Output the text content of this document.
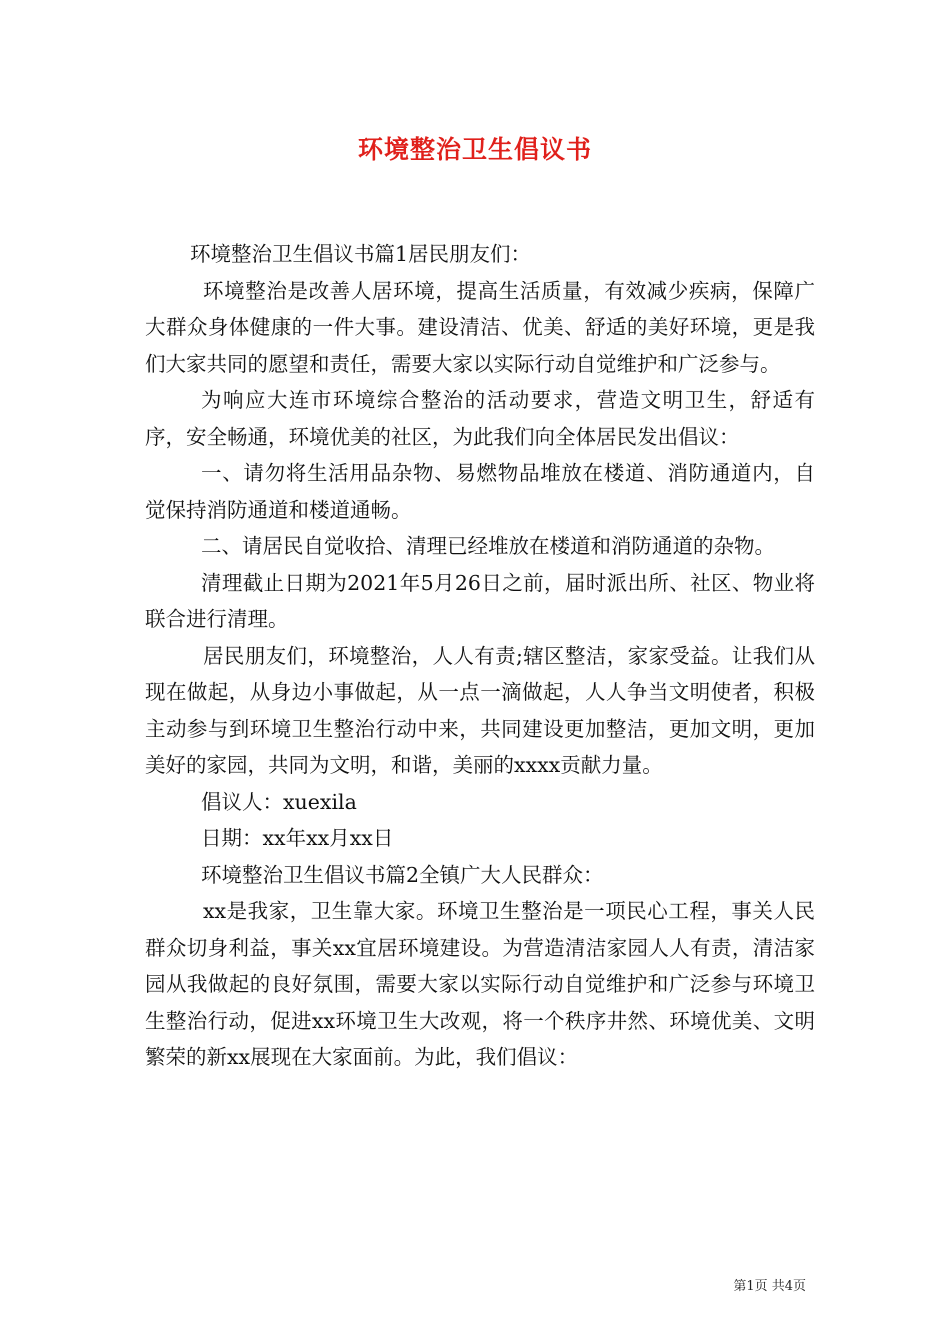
环境整治卫生倡议书

环境整治卫生倡议书篇1居民朋友们：

环境整治是改善人居环境，提高生活质量，有效减少疾病，保障广大群众身体健康的一件大事。建设清洁、优美、舒适的美好环境，更是我们大家共同的愿望和责任，需要大家以实际行动自觉维护和广泛参与。

为响应大连市环境综合整治的活动要求，营造文明卫生，舒适有序，安全畅通，环境优美的社区，为此我们向全体居民发出倡议：

一、请勿将生活用品杂物、易燃物品堆放在楼道、消防通道内，自觉保持消防通道和楼道通畅。

二、请居民自觉收拾、清理已经堆放在楼道和消防通道的杂物。

清理截止日期为2021年5月26日之前，届时派出所、社区、物业将联合进行清理。

居民朋友们，环境整治，人人有责;辖区整洁，家家受益。让我们从现在做起，从身边小事做起，从一点一滴做起，人人争当文明使者，积极主动参与到环境卫生整治行动中来，共同建设更加整洁，更加文明，更加美好的家园，共同为文明，和谐，美丽的xxxx贡献力量。

倡议人：xuexila

日期：xx年xx月xx日

环境整治卫生倡议书篇2全镇广大人民群众：

xx是我家，卫生靠大家。环境卫生整治是一项民心工程，事关人民群众切身利益，事关xx宜居环境建设。为营造清洁家园人人有责，清洁家园从我做起的良好氛围，需要大家以实际行动自觉维护和广泛参与环境卫生整治行动，促进xx环境卫生大改观，将一个秩序井然、环境优美、文明繁荣的新xx展现在大家面前。为此，我们倡议：

第1页 共4页
